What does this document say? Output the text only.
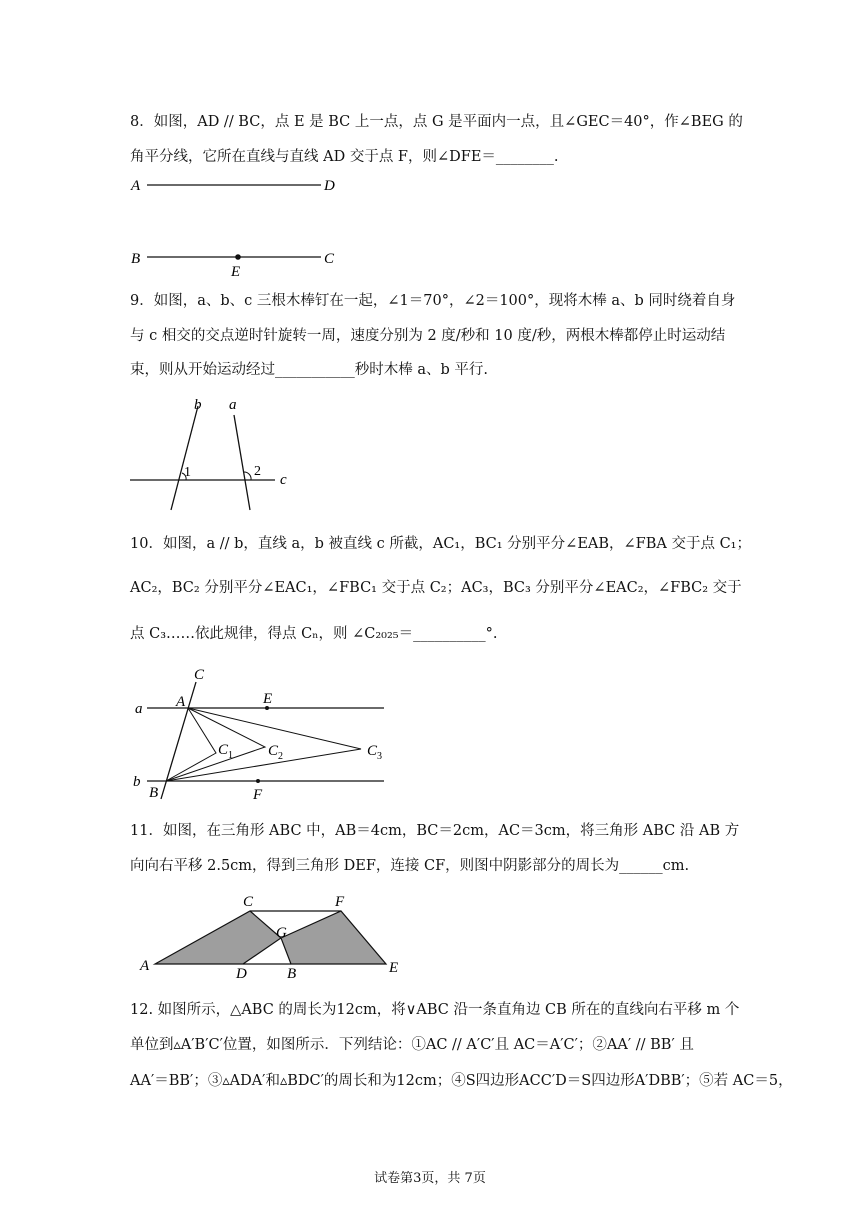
8．如图，AD // BC，点 E 是 BC 上一点，点 G 是平面内一点，且∠GEC＝40°，作∠BEG 的
角平分线，它所在直线与直线 AD 交于点 F，则∠DFE＝________.
A	D
B	C
E
9．如图，a、b、c 三根木棒钉在一起，∠1＝70°，∠2＝100°，现将木棒 a、b 同时绕着自身
与 c 相交的交点逆时针旋转一周，速度分别为 2 度/秒和 10 度/秒，两根木棒都停止时运动结
束，则从开始运动经过___________秒时木棒 a、b 平行.
b a
1	2
c
10．如图，a // b，直线 a，b 被直线 c 所截，AC₁，BC₁ 分别平分∠EAB，∠FBA 交于点 C₁；
AC₂，BC₂ 分别平分∠EAC₁，∠FBC₁ 交于点 C₂；AC₃，BC₃ 分别平分∠EAC₂，∠FBC₂ 交于
点 C₃……依此规律，得点 Cₙ，则 ∠C₂₀₂₅＝__________°.
C
A	E
a
C 1 C 2	C 3
b
B	F
11．如图，在三角形 ABC 中，AB＝4cm，BC＝2cm，AC＝3cm，将三角形 ABC 沿 AB 方
向向右平移 2.5cm，得到三角形 DEF，连接 CF，则图中阴影部分的周长为______cm.
C	F
G
A	D	B	E
12. 如图所示，△ABC 的周长为12cm，将∨ABC 沿一条直角边 CB 所在的直线向右平移 m 个
单位到▵A′B′C′位置，如图所示．下列结论：①AC // A′C′且 AC＝A′C′；②AA′ // BB′ 且
AA′＝BB′；③▵ADA′和▵BDC′的周长和为12cm；④S四边形ACC′D＝S四边形A′DBB′；⑤若 AC＝5，
试卷第3页，共 7页
